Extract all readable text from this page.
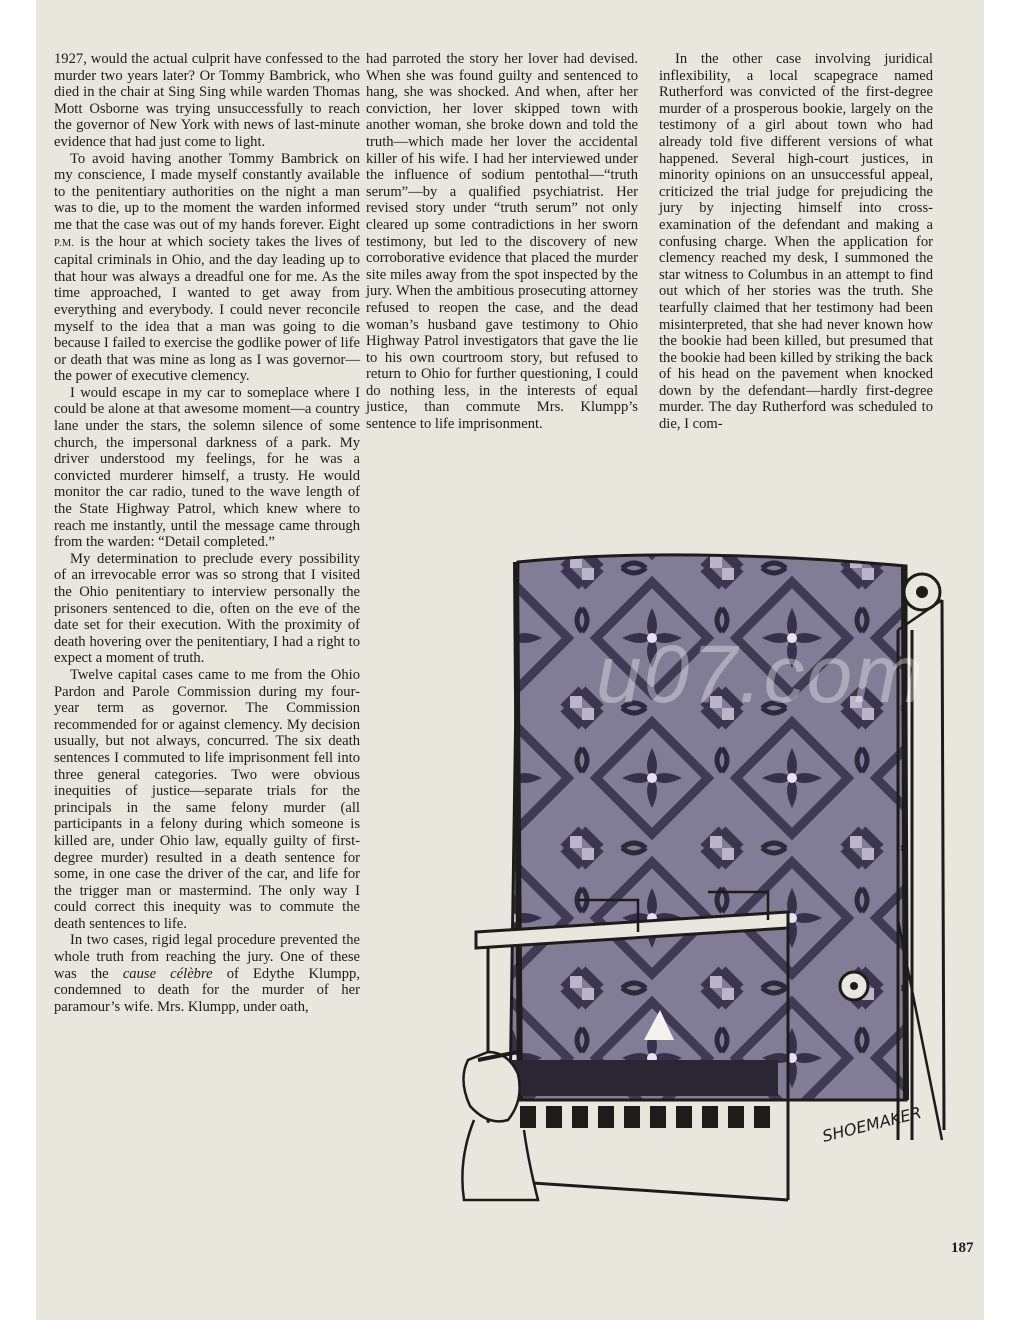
1927, would the actual culprit have confessed to the murder two years later? Or Tommy Bambrick, who died in the chair at Sing Sing while warden Thomas Mott Osborne was trying unsuccessfully to reach the governor of New York with news of last-minute evidence that had just come to light.

To avoid having another Tommy Bambrick on my conscience, I made myself constantly available to the penitentiary authorities on the night a man was to die, up to the moment the warden informed me that the case was out of my hands forever. Eight P.M. is the hour at which society takes the lives of capital criminals in Ohio, and the day leading up to that hour was always a dreadful one for me. As the time approached, I wanted to get away from everything and everybody. I could never reconcile myself to the idea that a man was going to die because I failed to exercise the godlike power of life or death that was mine as long as I was governor—the power of executive clemency.

I would escape in my car to someplace where I could be alone at that awesome moment—a country lane under the stars, the solemn silence of some church, the impersonal darkness of a park. My driver understood my feelings, for he was a convicted murderer himself, a trusty. He would monitor the car radio, tuned to the wave length of the State Highway Patrol, which knew where to reach me instantly, until the message came through from the warden: “Detail completed.”

My determination to preclude every possibility of an irrevocable error was so strong that I visited the Ohio penitentiary to interview personally the prisoners sentenced to die, often on the eve of the date set for their execution. With the proximity of death hovering over the penitentiary, I had a right to expect a moment of truth.

Twelve capital cases came to me from the Ohio Pardon and Parole Commission during my four-year term as governor. The Commission recommended for or against clemency. My decision usually, but not always, concurred. The six death sentences I commuted to life imprisonment fell into three general categories. Two were obvious inequities of justice—separate trials for the principals in the same felony murder (all participants in a felony during which someone is killed are, under Ohio law, equally guilty of first-degree murder) resulted in a death sentence for some, in one case the driver of the car, and life for the trigger man or mastermind. The only way I could correct this inequity was to commute the death sentences to life.

In two cases, rigid legal procedure prevented the whole truth from reaching the jury. One of these was the cause célèbre of Edythe Klumpp, condemned to death for the murder of her paramour’s wife. Mrs. Klumpp, under oath,

had parroted the story her lover had devised. When she was found guilty and sentenced to hang, she was shocked. And when, after her conviction, her lover skipped town with another woman, she broke down and told the truth—which made her lover the accidental killer of his wife. I had her interviewed under the influence of sodium pentothal—“truth serum”—by a qualified psychiatrist. Her revised story under “truth serum” not only cleared up some contradictions in her sworn testimony, but led to the discovery of new corroborative evidence that placed the murder site miles away from the spot inspected by the jury. When the ambitious prosecuting attorney refused to reopen the case, and the dead woman’s husband gave testimony to Ohio Highway Patrol investigators that gave the lie to his own courtroom story, but refused to return to Ohio for further questioning, I could do nothing less, in the interests of equal justice, than commute Mrs. Klumpp’s sentence to life imprisonment.

In the other case involving juridical inflexibility, a local scapegrace named Rutherford was convicted of the first-degree murder of a prosperous bookie, largely on the testimony of a girl about town who had already told five different versions of what happened. Several high-court justices, in minority opinions on an unsuccessful appeal, criticized the trial judge for prejudicing the jury by injecting himself into cross-examination of the defendant and making a confusing charge. When the application for clemency reached my desk, I summoned the star witness to Columbus in an attempt to find out which of her stories was the truth. She tearfully claimed that her testimony had been misinterpreted, that she had never known how the bookie had been killed, but presumed that the bookie had been killed by striking the back of his head on the pavement when knocked down by the defendant—hardly first-degree murder. The day Rutherford was scheduled to die, I com-

SHOEMAKER
u07.com
187
